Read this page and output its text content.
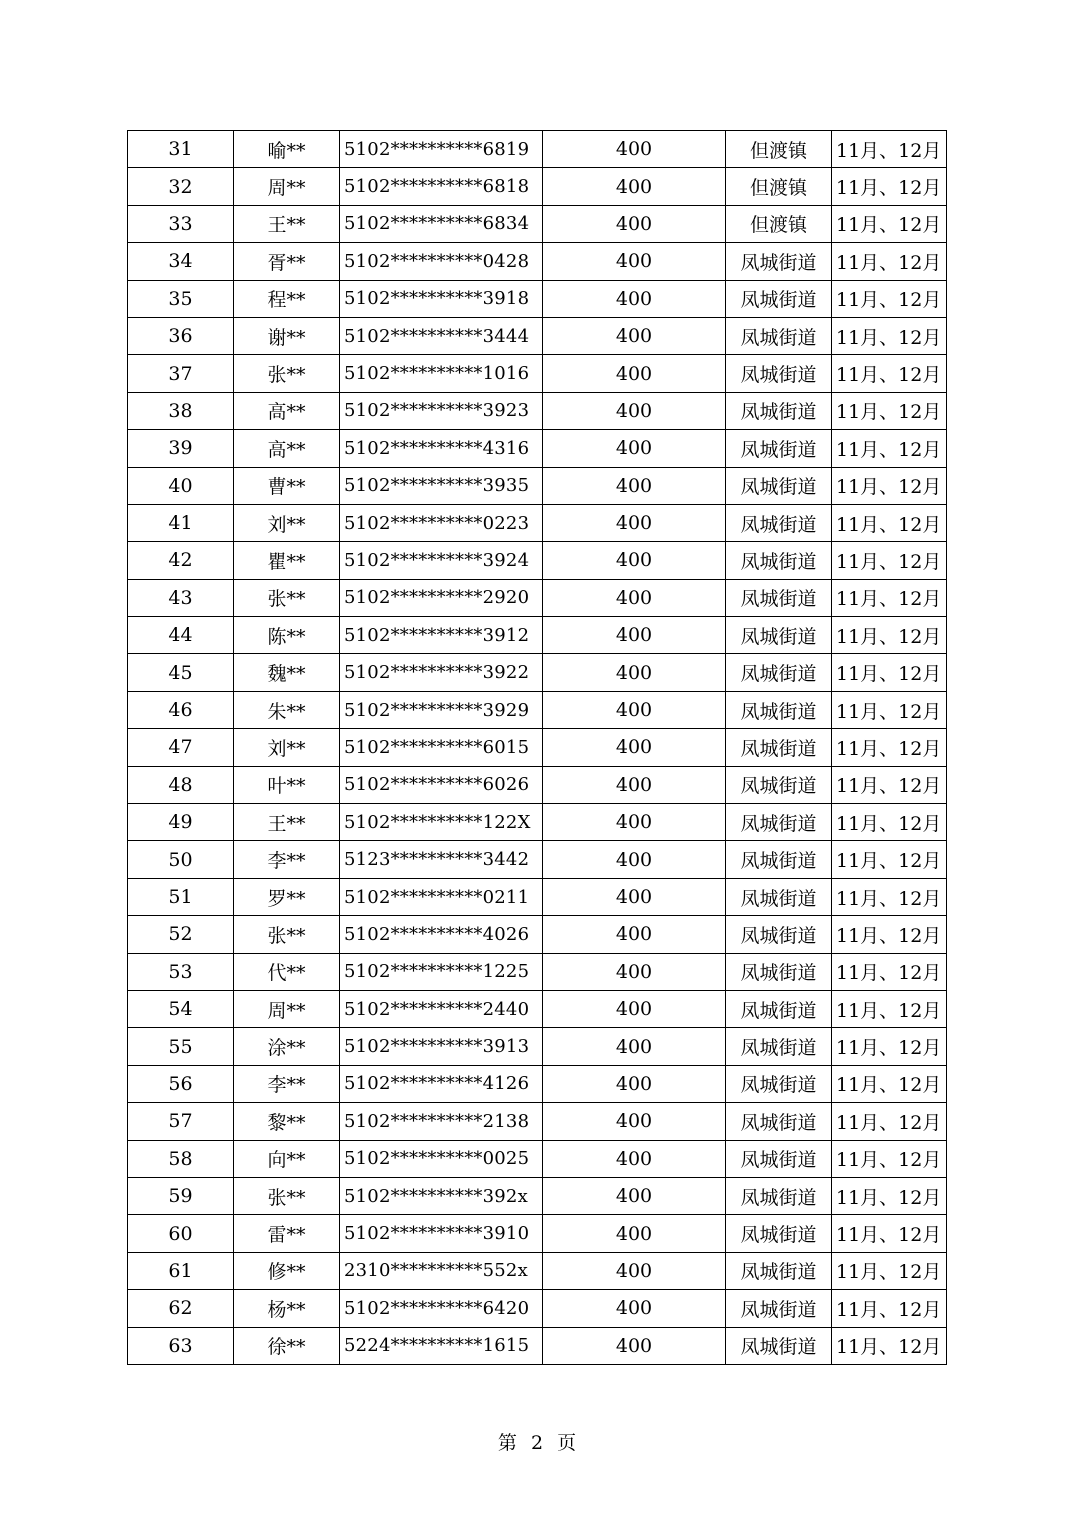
31	喻**	5102**********6819	400	但渡镇	11月、12月
32	周**	5102**********6818	400	但渡镇	11月、12月
33	王**	5102**********6834	400	但渡镇	11月、12月
34	胥**	5102**********0428	400	凤城街道	11月、12月
35	程**	5102**********3918	400	凤城街道	11月、12月
36	谢**	5102**********3444	400	凤城街道	11月、12月
37	张**	5102**********1016	400	凤城街道	11月、12月
38	高**	5102**********3923	400	凤城街道	11月、12月
39	高**	5102**********4316	400	凤城街道	11月、12月
40	曹**	5102**********3935	400	凤城街道	11月、12月
41	刘**	5102**********0223	400	凤城街道	11月、12月
42	瞿**	5102**********3924	400	凤城街道	11月、12月
43	张**	5102**********2920	400	凤城街道	11月、12月
44	陈**	5102**********3912	400	凤城街道	11月、12月
45	魏**	5102**********3922	400	凤城街道	11月、12月
46	朱**	5102**********3929	400	凤城街道	11月、12月
47	刘**	5102**********6015	400	凤城街道	11月、12月
48	叶**	5102**********6026	400	凤城街道	11月、12月
49	王**	5102**********122X	400	凤城街道	11月、12月
50	李**	5123**********3442	400	凤城街道	11月、12月
51	罗**	5102**********0211	400	凤城街道	11月、12月
52	张**	5102**********4026	400	凤城街道	11月、12月
53	代**	5102**********1225	400	凤城街道	11月、12月
54	周**	5102**********2440	400	凤城街道	11月、12月
55	涂**	5102**********3913	400	凤城街道	11月、12月
56	李**	5102**********4126	400	凤城街道	11月、12月
57	黎**	5102**********2138	400	凤城街道	11月、12月
58	向**	5102**********0025	400	凤城街道	11月、12月
59	张**	5102**********392x	400	凤城街道	11月、12月
60	雷**	5102**********3910	400	凤城街道	11月、12月
61	修**	2310**********552x	400	凤城街道	11月、12月
62	杨**	5102**********6420	400	凤城街道	11月、12月
63	徐**	5224**********1615	400	凤城街道	11月、12月
第 2 页
